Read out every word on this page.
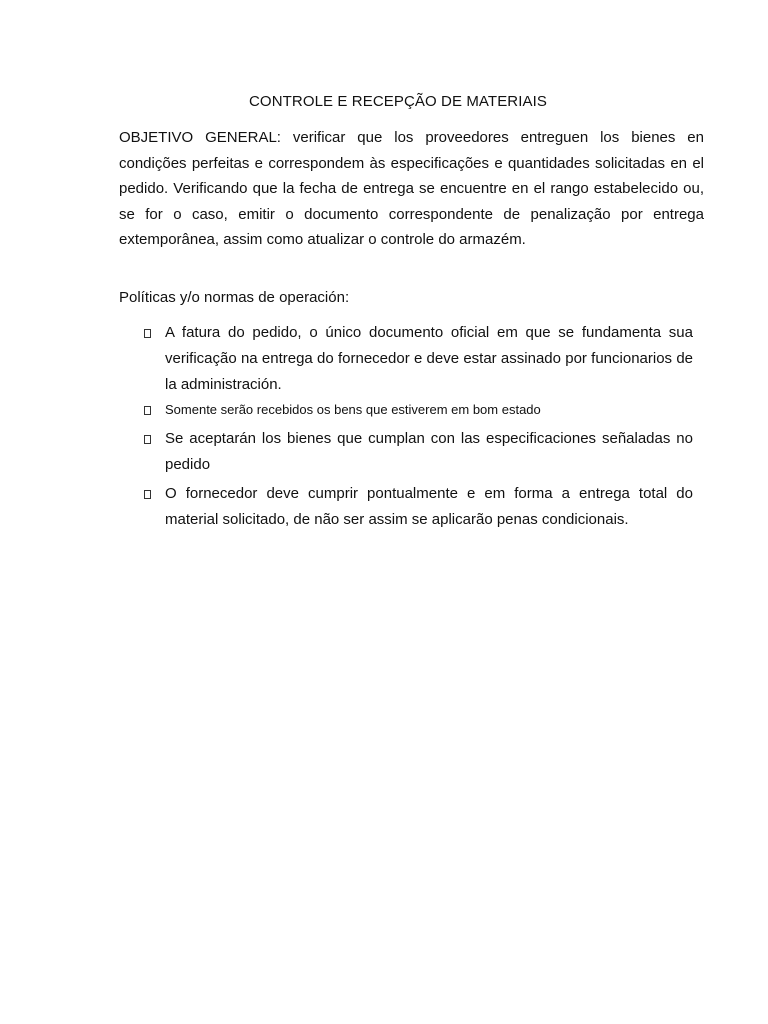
CONTROLE E RECEPÇÃO DE MATERIAIS
OBJETIVO GENERAL: verificar que los proveedores entreguen los bienes en condições perfeitas e correspondem às especificações e quantidades solicitadas en el pedido. Verificando que la fecha de entrega se encuentre en el rango estabelecido ou, se for o caso, emitir o documento correspondente de penalização por entrega extemporânea, assim como atualizar o controle do armazém.
Políticas y/o normas de operación:
A fatura do pedido, o único documento oficial em que se fundamenta sua verificação na entrega do fornecedor e deve estar assinado por funcionarios de la administración.
Somente serão recebidos os bens que estiverem em bom estado
Se aceptarán los bienes que cumplan con las especificaciones señaladas no pedido
O fornecedor deve cumprir pontualmente e em forma a entrega total do material solicitado, de não ser assim se aplicarão penas condicionais.
